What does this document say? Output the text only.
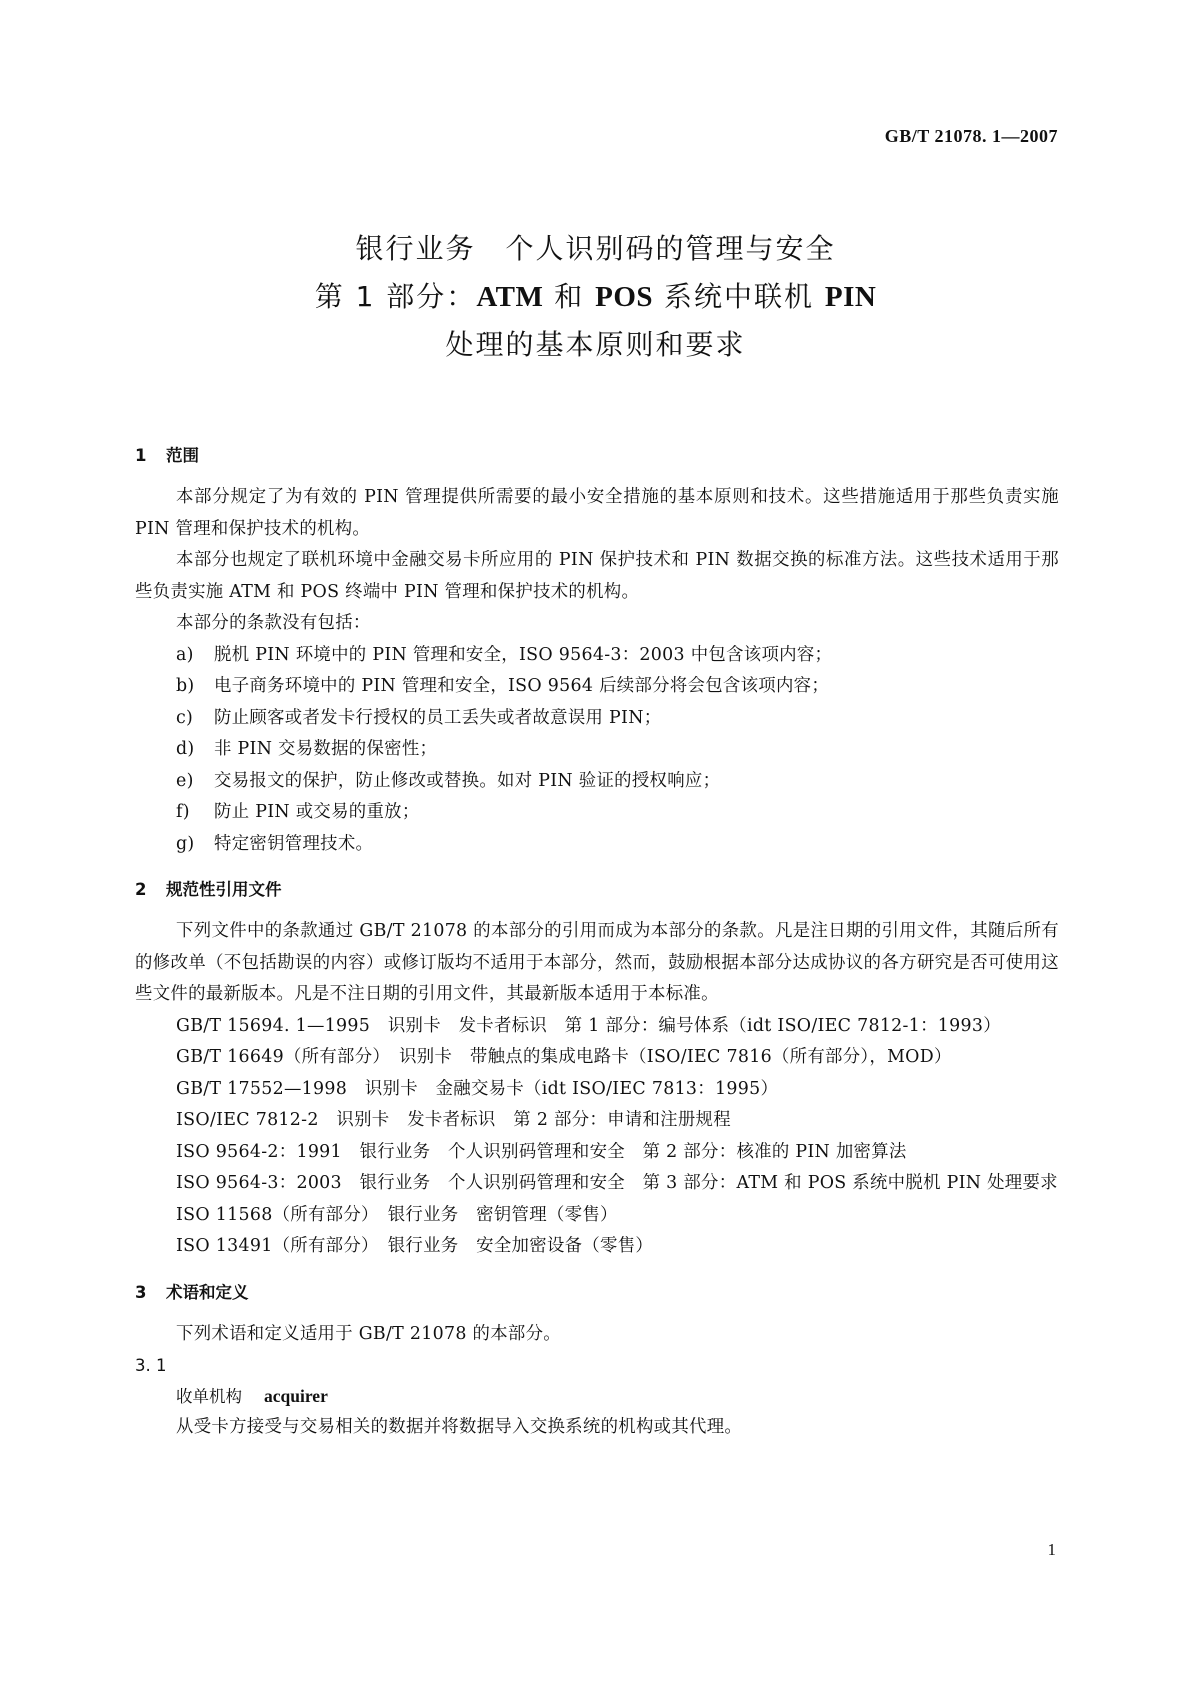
GB/T 21078. 1—2007
银行业务　个人识别码的管理与安全
第 1 部分：ATM 和 POS 系统中联机 PIN
处理的基本原则和要求
1 范围

本部分规定了为有效的 PIN 管理提供所需要的最小安全措施的基本原则和技术。这些措施适用于那些负责实施 PIN 管理和保护技术的机构。

本部分也规定了联机环境中金融交易卡所应用的 PIN 保护技术和 PIN 数据交换的标准方法。这些技术适用于那些负责实施 ATM 和 POS 终端中 PIN 管理和保护技术的机构。

本部分的条款没有包括：

a) 脱机 PIN 环境中的 PIN 管理和安全，ISO 9564-3：2003 中包含该项内容；

b) 电子商务环境中的 PIN 管理和安全，ISO 9564 后续部分将会包含该项内容；

c) 防止顾客或者发卡行授权的员工丢失或者故意误用 PIN；

d) 非 PIN 交易数据的保密性；

e) 交易报文的保护，防止修改或替换。如对 PIN 验证的授权响应；

f) 防止 PIN 或交易的重放；

g) 特定密钥管理技术。

2 规范性引用文件

下列文件中的条款通过 GB/T 21078 的本部分的引用而成为本部分的条款。凡是注日期的引用文件，其随后所有的修改单（不包括勘误的内容）或修订版均不适用于本部分，然而，鼓励根据本部分达成协议的各方研究是否可使用这些文件的最新版本。凡是不注日期的引用文件，其最新版本适用于本标准。

GB/T 15694. 1—1995　识别卡　发卡者标识　第 1 部分：编号体系（idt ISO/IEC 7812-1：1993）

GB/T 16649（所有部分）　识别卡　带触点的集成电路卡（ISO/IEC 7816（所有部分），MOD）

GB/T 17552—1998　识别卡　金融交易卡（idt ISO/IEC 7813：1995）

ISO/IEC 7812-2　识别卡　发卡者标识　第 2 部分：申请和注册规程

ISO 9564-2：1991　银行业务　个人识别码管理和安全　第 2 部分：核准的 PIN 加密算法

ISO 9564-3：2003　银行业务　个人识别码管理和安全　第 3 部分：ATM 和 POS 系统中脱机 PIN 处理要求

ISO 11568（所有部分）　银行业务　密钥管理（零售）

ISO 13491（所有部分）　银行业务　安全加密设备（零售）

3 术语和定义

下列术语和定义适用于 GB/T 21078 的本部分。

3. 1

收单机构 acquirer

从受卡方接受与交易相关的数据并将数据导入交换系统的机构或其代理。

1
